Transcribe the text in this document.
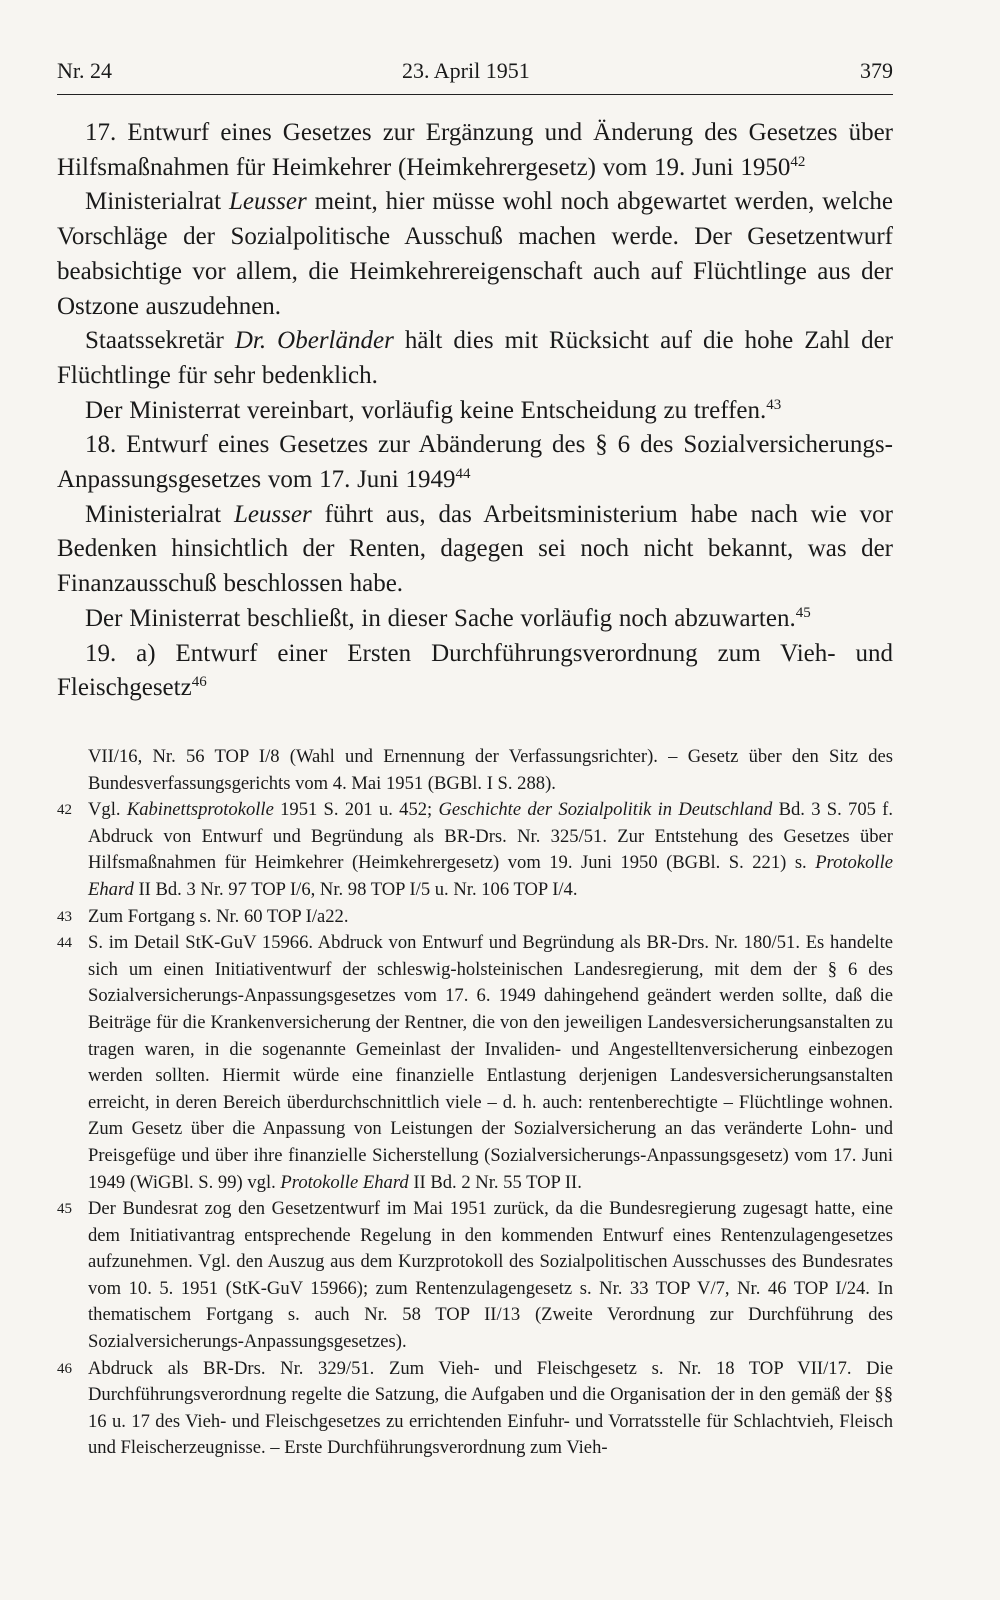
Nr. 24	23. April 1951	379

17. Entwurf eines Gesetzes zur Ergänzung und Änderung des Gesetzes über Hilfsmaßnahmen für Heimkehrer (Heimkehrergesetz) vom 19. Juni 1950$^{42}$

Ministerialrat Leusser meint, hier müsse wohl noch abgewartet werden, welche Vorschläge der Sozialpolitische Ausschuß machen werde. Der Gesetzentwurf beabsichtige vor allem, die Heimkehrereigenschaft auch auf Flüchtlinge aus der Ostzone auszudehnen.

Staatssekretär Dr. Oberländer hält dies mit Rücksicht auf die hohe Zahl der Flüchtlinge für sehr bedenklich.

Der Ministerrat vereinbart, vorläufig keine Entscheidung zu treffen.$^{43}$

18. Entwurf eines Gesetzes zur Abänderung des § 6 des Sozialversicherungs-Anpassungsgesetzes vom 17. Juni 1949$^{44}$

Ministerialrat Leusser führt aus, das Arbeitsministerium habe nach wie vor Bedenken hinsichtlich der Renten, dagegen sei noch nicht bekannt, was der Finanzausschuß beschlossen habe.

Der Ministerrat beschließt, in dieser Sache vorläufig noch abzuwarten.$^{45}$

19. a) Entwurf einer Ersten Durchführungsverordnung zum Vieh- und Fleischgesetz$^{46}$

VII/16, Nr. 56 TOP I/8 (Wahl und Ernennung der Verfassungsrichter). – Gesetz über den Sitz des Bundesverfassungsgerichts vom 4. Mai 1951 (BGBl. I S. 288).

42 Vgl. Kabinettsprotokolle 1951 S. 201 u. 452; Geschichte der Sozialpolitik in Deutschland Bd. 3 S. 705 f. Abdruck von Entwurf und Begründung als BR-Drs. Nr. 325/51. Zur Entstehung des Gesetzes über Hilfsmaßnahmen für Heimkehrer (Heimkehrergesetz) vom 19. Juni 1950 (BGBl. S. 221) s. Protokolle Ehard II Bd. 3 Nr. 97 TOP I/6, Nr. 98 TOP I/5 u. Nr. 106 TOP I/4.

43 Zum Fortgang s. Nr. 60 TOP I/a22.

44 S. im Detail StK-GuV 15966. Abdruck von Entwurf und Begründung als BR-Drs. Nr. 180/51. Es handelte sich um einen Initiativentwurf der schleswig-holsteinischen Landesregierung, mit dem der § 6 des Sozialversicherungs-Anpassungsgesetzes vom 17. 6. 1949 dahingehend geändert werden sollte, daß die Beiträge für die Krankenversicherung der Rentner, die von den jeweiligen Landesversicherungsanstalten zu tragen waren, in die sogenannte Gemeinlast der Invaliden- und Angestelltenversicherung einbezogen werden sollten. Hiermit würde eine finanzielle Entlastung derjenigen Landesversicherungsanstalten erreicht, in deren Bereich überdurchschnittlich viele – d. h. auch: rentenberechtigte – Flüchtlinge wohnen. Zum Gesetz über die Anpassung von Leistungen der Sozialversicherung an das veränderte Lohn- und Preisgefüge und über ihre finanzielle Sicherstellung (Sozialversicherungs-Anpassungsgesetz) vom 17. Juni 1949 (WiGBl. S. 99) vgl. Protokolle Ehard II Bd. 2 Nr. 55 TOP II.

45 Der Bundesrat zog den Gesetzentwurf im Mai 1951 zurück, da die Bundesregierung zugesagt hatte, eine dem Initiativantrag entsprechende Regelung in den kommenden Entwurf eines Rentenzulagengesetzes aufzunehmen. Vgl. den Auszug aus dem Kurzprotokoll des Sozialpolitischen Ausschusses des Bundesrates vom 10. 5. 1951 (StK-GuV 15966); zum Rentenzulagengesetz s. Nr. 33 TOP V/7, Nr. 46 TOP I/24. In thematischem Fortgang s. auch Nr. 58 TOP II/13 (Zweite Verordnung zur Durchführung des Sozialversicherungs-Anpassungsgesetzes).

46 Abdruck als BR-Drs. Nr. 329/51. Zum Vieh- und Fleischgesetz s. Nr. 18 TOP VII/17. Die Durchführungsverordnung regelte die Satzung, die Aufgaben und die Organisation der in den gemäß der §§ 16 u. 17 des Vieh- und Fleischgesetzes zu errichtenden Einfuhr- und Vorratsstelle für Schlachtvieh, Fleisch und Fleischerzeugnisse. – Erste Durchführungsverordnung zum Vieh-
